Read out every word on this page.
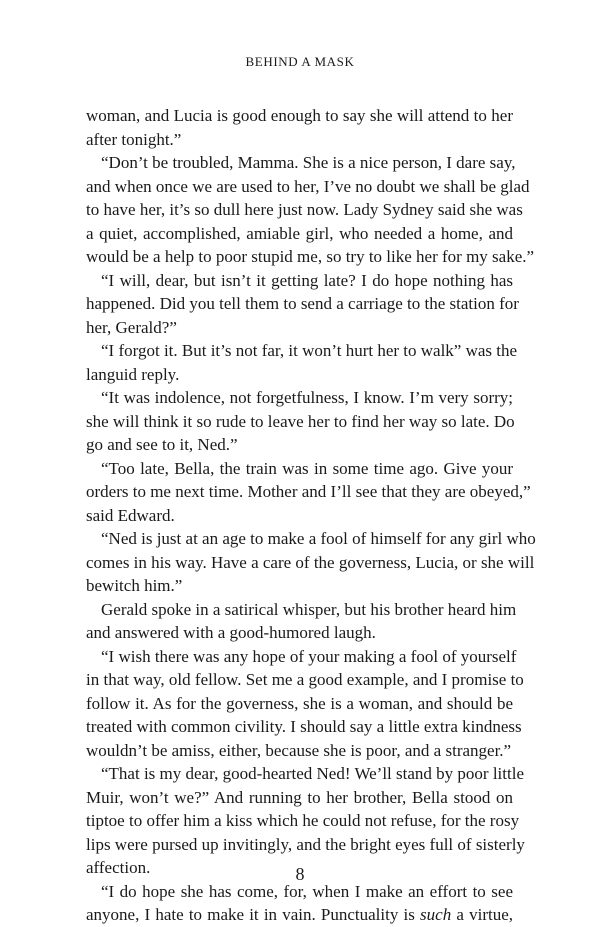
BEHIND A MASK
woman, and Lucia is good enough to say she will attend to her
after tonight.”
“Don’t be troubled, Mamma. She is a nice person, I dare say,
and when once we are used to her, I’ve no doubt we shall be glad
to have her, it’s so dull here just now. Lady Sydney said she was
a quiet, accomplished, amiable girl, who needed a home, and
would be a help to poor stupid me, so try to like her for my sake.”
“I will, dear, but isn’t it getting late? I do hope nothing has
happened. Did you tell them to send a carriage to the station for
her, Gerald?”
“I forgot it. But it’s not far, it won’t hurt her to walk” was the
languid reply.
“It was indolence, not forgetfulness, I know. I’m very sorry;
she will think it so rude to leave her to find her way so late. Do
go and see to it, Ned.”
“Too late, Bella, the train was in some time ago. Give your
orders to me next time. Mother and I’ll see that they are obeyed,”
said Edward.
“Ned is just at an age to make a fool of himself for any girl who
comes in his way. Have a care of the governess, Lucia, or she will
bewitch him.”
Gerald spoke in a satirical whisper, but his brother heard him
and answered with a good-humored laugh.
“I wish there was any hope of your making a fool of yourself
in that way, old fellow. Set me a good example, and I promise to
follow it. As for the governess, she is a woman, and should be
treated with common civility. I should say a little extra kindness
wouldn’t be amiss, either, because she is poor, and a stranger.”
“That is my dear, good-hearted Ned! We’ll stand by poor little
Muir, won’t we?” And running to her brother, Bella stood on
tiptoe to offer him a kiss which he could not refuse, for the rosy
lips were pursed up invitingly, and the bright eyes full of sisterly
affection.
“I do hope she has come, for, when I make an effort to see
anyone, I hate to make it in vain. Punctuality is such a virtue,
8
